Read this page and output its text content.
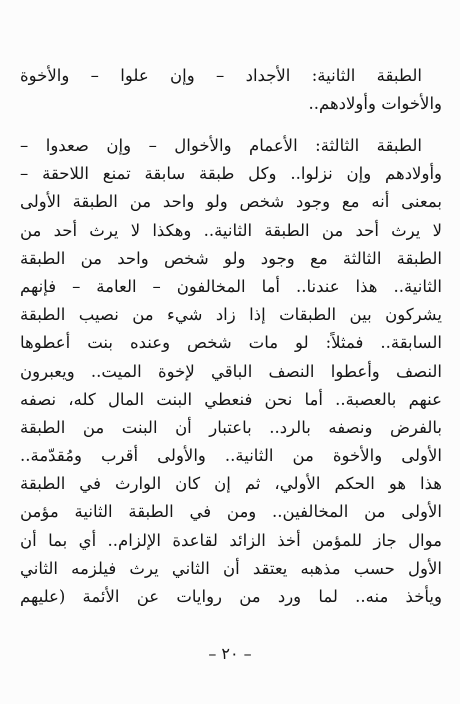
الطبقة الثانية: الأجداد – وإن علوا – والأخوة
والأخوات وأولادهم..
الطبقة الثالثة: الأعمام والأخوال – وإن صعدوا –
وأولادهم وإن نزلوا.. وكل طبقة سابقة تمنع اللاحقة –
بمعنى أنه مع وجود شخص ولو واحد من الطبقة الأولى
لا يرث أحد من الطبقة الثانية.. وهكذا لا يرث أحد من
الطبقة الثالثة مع وجود ولو شخص واحد من الطبقة
الثانية.. هذا عندنا.. أما المخالفون – العامة – فإنهم
يشركون بين الطبقات إذا زاد شيء من نصيب الطبقة
السابقة.. فمثلاً: لو مات شخص وعنده بنت أعطوها
النصف وأعطوا النصف الباقي لإخوة الميت.. ويعبرون
عنهم بالعصبة.. أما نحن فنعطي البنت المال كله، نصفه
بالفرض ونصفه بالرد.. باعتبار أن البنت من الطبقة
الأولى والأخوة من الثانية.. والأولى أقرب ومُقدّمة..
هذا هو الحكم الأولي، ثم إن كان الوارث في الطبقة
الأولى من المخالفين.. ومن في الطبقة الثانية مؤمن
موال جاز للمؤمن أخذ الزائد لقاعدة الإلزام.. أي بما أن
الأول حسب مذهبه يعتقد أن الثاني يرث فيلزمه الثاني
ويأخذ منه.. لما ورد من روايات عن الأئمة (عليهم
– ٢٠ –
